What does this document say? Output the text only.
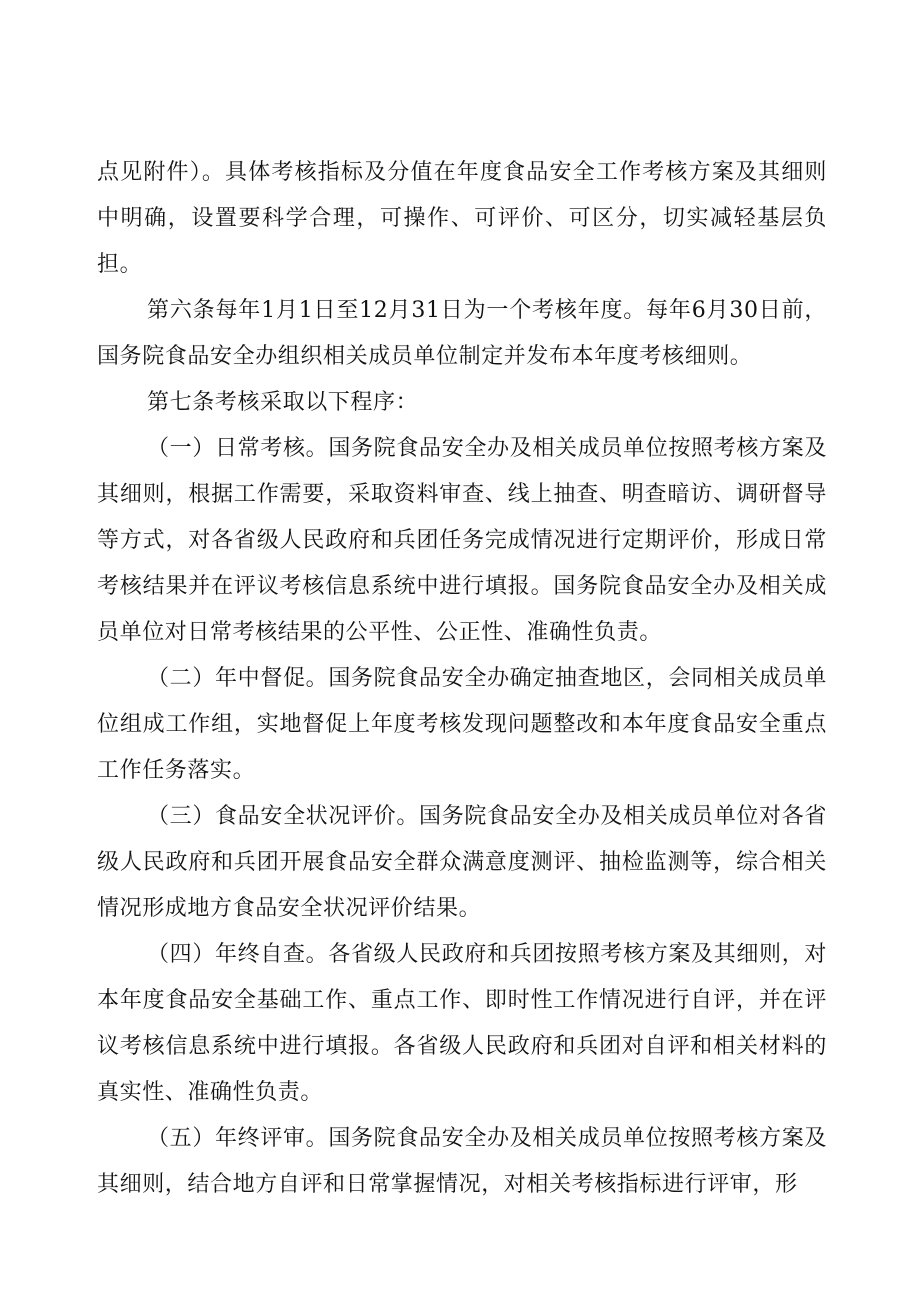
点见附件）。具体考核指标及分值在年度食品安全工作考核方案及其细则中明确，设置要科学合理，可操作、可评价、可区分，切实减轻基层负担。

第六条每年1月1日至12月31日为一个考核年度。每年6月30日前，国务院食品安全办组织相关成员单位制定并发布本年度考核细则。

第七条考核采取以下程序：

（一）日常考核。国务院食品安全办及相关成员单位按照考核方案及其细则，根据工作需要，采取资料审查、线上抽查、明查暗访、调研督导等方式，对各省级人民政府和兵团任务完成情况进行定期评价，形成日常考核结果并在评议考核信息系统中进行填报。国务院食品安全办及相关成员单位对日常考核结果的公平性、公正性、准确性负责。

（二）年中督促。国务院食品安全办确定抽查地区，会同相关成员单位组成工作组，实地督促上年度考核发现问题整改和本年度食品安全重点工作任务落实。

（三）食品安全状况评价。国务院食品安全办及相关成员单位对各省级人民政府和兵团开展食品安全群众满意度测评、抽检监测等，综合相关情况形成地方食品安全状况评价结果。

（四）年终自查。各省级人民政府和兵团按照考核方案及其细则，对本年度食品安全基础工作、重点工作、即时性工作情况进行自评，并在评议考核信息系统中进行填报。各省级人民政府和兵团对自评和相关材料的真实性、准确性负责。

（五）年终评审。国务院食品安全办及相关成员单位按照考核方案及其细则，结合地方自评和日常掌握情况，对相关考核指标进行评审，形
